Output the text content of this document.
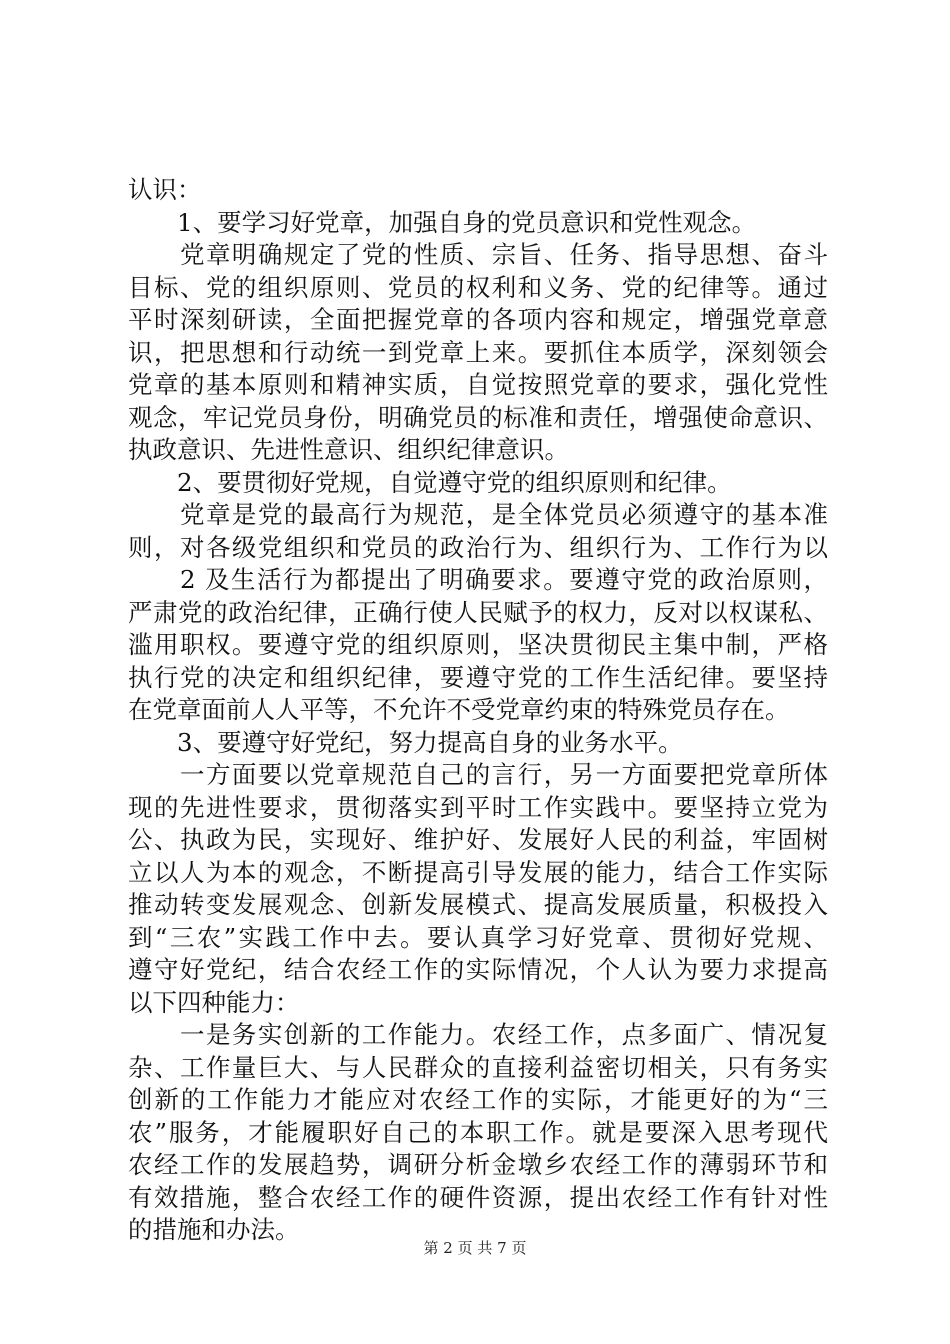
认识：
　　1、要学习好党章，加强自身的党员意识和党性观念。
　　党章明确规定了党的性质、宗旨、任务、指导思想、奋斗
目标、党的组织原则、党员的权利和义务、党的纪律等。通过
平时深刻研读，全面把握党章的各项内容和规定，增强党章意
识，把思想和行动统一到党章上来。要抓住本质学，深刻领会
党章的基本原则和精神实质，自觉按照党章的要求，强化党性
观念，牢记党员身份，明确党员的标准和责任，增强使命意识、
执政意识、先进性意识、组织纪律意识。
　　2、要贯彻好党规，自觉遵守党的组织原则和纪律。
　　党章是党的最高行为规范，是全体党员必须遵守的基本准
则，对各级党组织和党员的政治行为、组织行为、工作行为以
　　2 及生活行为都提出了明确要求。要遵守党的政治原则，
严肃党的政治纪律，正确行使人民赋予的权力，反对以权谋私、
滥用职权。要遵守党的组织原则，坚决贯彻民主集中制，严格
执行党的决定和组织纪律，要遵守党的工作生活纪律。要坚持
在党章面前人人平等，不允许不受党章约束的特殊党员存在。
　　3、要遵守好党纪，努力提高自身的业务水平。
　　一方面要以党章规范自己的言行，另一方面要把党章所体
现的先进性要求，贯彻落实到平时工作实践中。要坚持立党为
公、执政为民，实现好、维护好、发展好人民的利益，牢固树
立以人为本的观念，不断提高引导发展的能力，结合工作实际
推动转变发展观念、创新发展模式、提高发展质量，积极投入
到“三农”实践工作中去。要认真学习好党章、贯彻好党规、
遵守好党纪，结合农经工作的实际情况，个人认为要力求提高
以下四种能力：
　　一是务实创新的工作能力。农经工作，点多面广、情况复
杂、工作量巨大、与人民群众的直接利益密切相关，只有务实
创新的工作能力才能应对农经工作的实际，才能更好的为“三
农”服务，才能履职好自己的本职工作。就是要深入思考现代
农经工作的发展趋势，调研分析金墩乡农经工作的薄弱环节和
有效措施，整合农经工作的硬件资源，提出农经工作有针对性
的措施和办法。
第 2 页 共 7 页
